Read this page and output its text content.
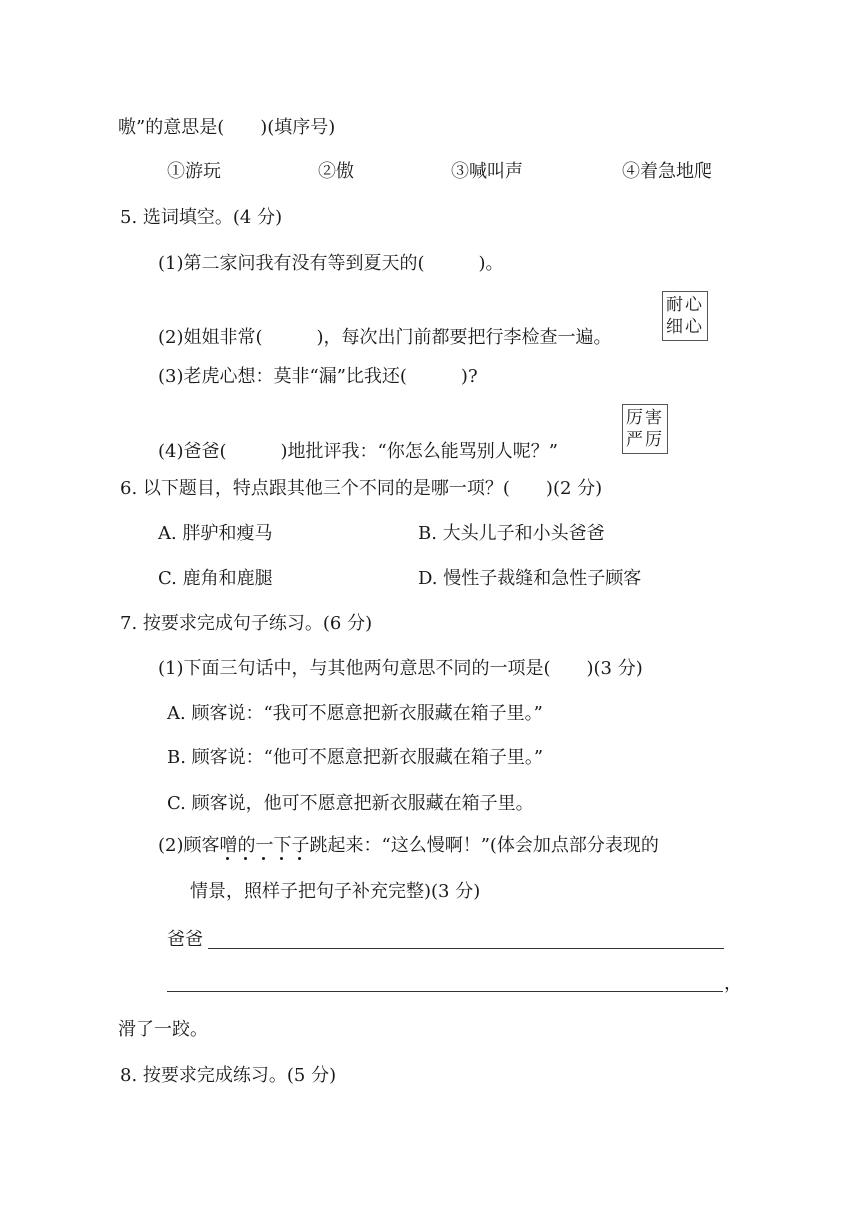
嗷”的意思是(　　)(填序号)
①游玩	②傲	③喊叫声	④着急地爬
5. 选词填空。(4 分)
(1)第二家问我有没有等到夏天的(　　　)。
耐心
细心
(2)姐姐非常(　　　)，每次出门前都要把行李检查一遍。
(3)老虎心想：莫非“漏”比我还(　　　)?
厉害
严厉
(4)爸爸(　　　)地批评我：“你怎么能骂别人呢？”
6. 以下题目，特点跟其他三个不同的是哪一项？(　　)(2 分)
A. 胖驴和瘦马	B. 大头儿子和小头爸爸
C. 鹿角和鹿腿	D. 慢性子裁缝和急性子顾客
7. 按要求完成句子练习。(6 分)
(1)下面三句话中，与其他两句意思不同的一项是(　　)(3 分)
A. 顾客说：“我可不愿意把新衣服藏在箱子里。”
B. 顾客说：“他可不愿意把新衣服藏在箱子里。”
C. 顾客说，他可不愿意把新衣服藏在箱子里。
(2)顾客噌的一下子
跳起来：“这么慢啊！”(体会加点部分表现的
情景，照样子把句子补充完整)(3 分)
爸爸
，
滑了一跤。
8. 按要求完成练习。(5 分)
